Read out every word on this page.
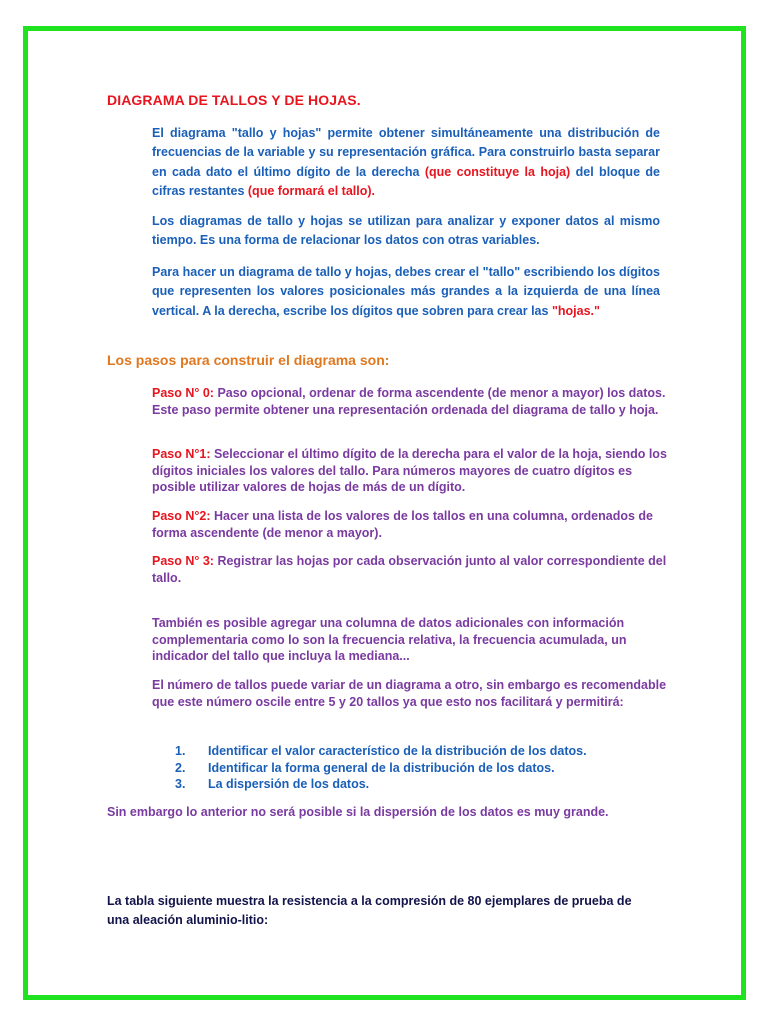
DIAGRAMA DE TALLOS Y DE HOJAS.
El diagrama "tallo y hojas" permite obtener simultáneamente una distribución de frecuencias de la variable y su representación gráfica. Para construirlo basta separar en cada dato el último dígito de la derecha (que constituye la hoja) del bloque de cifras restantes (que formará el tallo).
Los diagramas de tallo y hojas se utilizan para analizar y exponer datos al mismo tiempo. Es una forma de relacionar los datos con otras variables.
Para hacer un diagrama de tallo y hojas, debes crear el "tallo" escribiendo los dígitos que representen los valores posicionales más grandes a la izquierda de una línea vertical. A la derecha, escribe los dígitos que sobren para crear las "hojas."
Los pasos para construir el diagrama son:
Paso N° 0: Paso opcional, ordenar de forma ascendente (de menor a mayor) los datos. Este paso permite obtener una representación ordenada del diagrama de tallo y hoja.
Paso N°1: Seleccionar el último dígito de la derecha para el valor de la hoja, siendo los dígitos iniciales los valores del tallo. Para números mayores de cuatro dígitos es posible utilizar valores de hojas de más de un dígito.
Paso N°2: Hacer una lista de los valores de los tallos en una columna, ordenados de forma ascendente (de menor a mayor).
Paso N° 3: Registrar las hojas por cada observación junto al valor correspondiente del tallo.
También es posible agregar una columna de datos adicionales con información complementaria como lo son la frecuencia relativa, la frecuencia acumulada, un indicador del tallo que incluya la mediana...
El número de tallos puede variar de un diagrama a otro, sin embargo es recomendable que este número oscile entre 5 y 20 tallos ya que esto nos facilitará y permitirá:
1.	Identificar el valor característico de la distribución de los datos.
2.	Identificar la forma general de la distribución de los datos.
3.	La dispersión de los datos.
Sin embargo lo anterior no será posible si la dispersión de los datos es muy grande.
La tabla siguiente muestra la resistencia a la compresión de 80 ejemplares de prueba de una aleación aluminio-litio:
